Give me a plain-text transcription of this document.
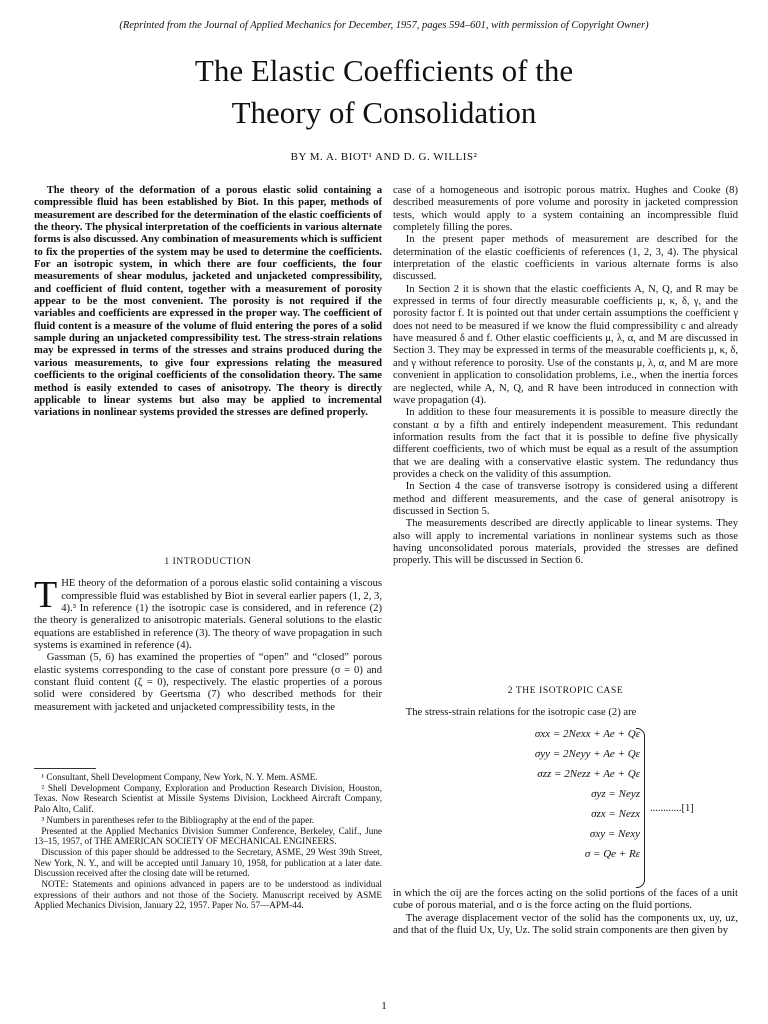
(Reprinted from the Journal of Applied Mechanics for December, 1957, pages 594–601, with permission of Copyright Owner)
The Elastic Coefficients of the
Theory of Consolidation
BY M. A. BIOT¹ AND D. G. WILLIS²
The theory of the deformation of a porous elastic solid containing a compressible fluid has been established by Biot. In this paper, methods of measurement are described for the determination of the elastic coefficients of the theory. The physical interpretation of the coefficients in various alternate forms is also discussed. Any combination of measurements which is sufficient to fix the properties of the system may be used to determine the coefficients. For an isotropic system, in which there are four coefficients, the four measurements of shear modulus, jacketed and unjacketed compressibility, and coefficient of fluid content, together with a measurement of porosity appear to be the most convenient. The porosity is not required if the variables and coefficients are expressed in the proper way. The coefficient of fluid content is a measure of the volume of fluid entering the pores of a solid sample during an unjacketed compressibility test. The stress-strain relations may be expressed in terms of the stresses and strains produced during the various measurements, to give four expressions relating the measured coefficients to the original coefficients of the consolidation theory. The same method is easily extended to cases of anisotropy. The theory is directly applicable to linear systems but also may be applied to incremental variations in nonlinear systems provided the stresses are defined properly.
1 INTRODUCTION

THE theory of the deformation of a porous elastic solid containing a viscous compressible fluid was established by Biot in several earlier papers (1, 2, 3, 4).³ In reference (1) the isotropic case is considered, and in reference (2) the theory is generalized to anisotropic materials. General solutions to the elastic equations are established in reference (3). The theory of wave propagation in such systems is examined in reference (4).

Gassman (5, 6) has examined the properties of “open” and “closed” porous elastic systems corresponding to the case of constant pore pressure (σ = 0) and constant fluid content (ζ = 0), respectively. The elastic properties of a porous solid were considered by Geertsma (7) who described methods for their measurement with jacketed and unjacketed compressibility tests, in the

¹ Consultant, Shell Development Company, New York, N. Y. Mem. ASME.

² Shell Development Company, Exploration and Production Research Division, Houston, Texas. Now Research Scientist at Missile Systems Division, Lockheed Aircraft Company, Palo Alto, Calif.

³ Numbers in parentheses refer to the Bibliography at the end of the paper.

Presented at the Applied Mechanics Division Summer Conference, Berkeley, Calif., June 13–15, 1957, of THE AMERICAN SOCIETY OF MECHANICAL ENGINEERS.

Discussion of this paper should be addressed to the Secretary, ASME, 29 West 39th Street, New York, N. Y., and will be accepted until January 10, 1958, for publication at a later date. Discussion received after the closing date will be returned.

NOTE: Statements and opinions advanced in papers are to be understood as individual expressions of their authors and not those of the Society. Manuscript received by ASME Applied Mechanics Division, January 22, 1957. Paper No. 57—APM-44.

case of a homogeneous and isotropic porous matrix. Hughes and Cooke (8) described measurements of pore volume and porosity in jacketed compression tests, which would apply to a system containing an incompressible fluid completely filling the pores.

In the present paper methods of measurement are described for the determination of the elastic coefficients of references (1, 2, 3, 4). The physical interpretation of the elastic coefficients in various alternate forms is also discussed.

In Section 2 it is shown that the elastic coefficients A, N, Q, and R may be expressed in terms of four directly measurable coefficients μ, κ, δ, γ, and the porosity factor f. It is pointed out that under certain assumptions the coefficient γ does not need to be measured if we know the fluid compressibility c and already have measured δ and f. Other elastic coefficients μ, λ, α, and M are discussed in Section 3. They may be expressed in terms of the measurable coefficients μ, κ, δ, and γ without reference to porosity. Use of the constants μ, λ, α, and M are more convenient in application to consolidation problems, i.e., when the inertia forces are neglected, while A, N, Q, and R have been introduced in connection with wave propagation (4).

In addition to these four measurements it is possible to measure directly the constant α by a fifth and entirely independent measurement. This redundant information results from the fact that it is possible to define five physically different coefficients, two of which must be equal as a result of the assumption that we are dealing with a conservative elastic system. The redundancy thus provides a check on the validity of this assumption.

In Section 4 the case of transverse isotropy is considered using a different method and different measurements, and the case of general anisotropy is discussed in Section 5.

The measurements described are directly applicable to linear systems. They also will apply to incremental variations in nonlinear systems such as those having unconsolidated porous materials, provided the stresses are defined properly. This will be discussed in Section 6.

2 THE ISOTROPIC CASE

The stress-strain relations for the isotropic case (2) are

σxx = 2Nexx + Ae + Qε
σyy = 2Neyy + Ae + Qε
σzz = 2Nezz + Ae + Qε
σyz = Neyz
σzx = Nezx
σxy = Nexy
σ = Qe + Rε
............[1]

in which the σij are the forces acting on the solid portions of the faces of a unit cube of porous material, and σ is the force acting on the fluid portions.

The average displacement vector of the solid has the components ux, uy, uz, and that of the fluid Ux, Uy, Uz. The solid strain components are then given by

1
